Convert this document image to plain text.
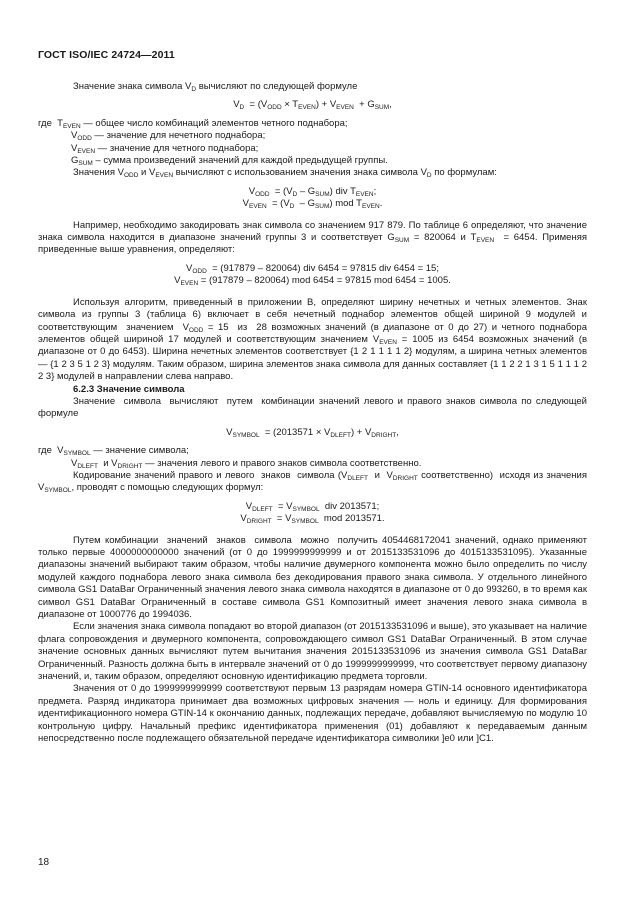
ГОСТ ISO/IEC 24724—2011

Значение знака символа $V_D$ вычисляют по следующей формуле

$V_D = (V_{ODD} \times T_{EVEN}) + V_{EVEN} + G_{SUM}$,

где  $T_{EVEN}$ — общее число комбинаций элементов четного поднабора;

$V_{ODD}$ — значение для нечетного поднабора;

$V_{EVEN}$ — значение для четного поднабора;

$G_{SUM}$ – сумма произведений значений для каждой предыдущей группы.

Значения $V_{ODD}$ и $V_{EVEN}$ вычисляют с использованием значения знака символа $V_D$ по формулам:

$V_{ODD} = (V_D - G_{SUM})$ div $T_{EVEN}$;

$V_{EVEN} = (V_D - G_{SUM})$ mod $T_{EVEN}$.

Например, необходимо закодировать знак символа со значением 917 879. По таблице 6 определяют, что значение знака символа находится в диапазоне значений группы 3 и соответствует $G_{SUM} = 820064$ и $T_{EVEN} = 6454$. Применяя приведенные выше уравнения, определяют:

$V_{ODD} = (917879 - 820064)$ div 6454 = 97815 div 6454 = 15;

$V_{EVEN} = (917879 - 820064)$ mod 6454 = 97815 mod 6454 = 1005.

Используя алгоритм, приведенный в приложении B, определяют ширину нечетных и четных элементов. Знак символа из группы 3 (таблица 6) включает в себя нечетный поднабор элементов общей шириной 9 модулей и соответствующим  значением  $V_{ODD} = 15$  из  28 возможных значений (в диапазоне от 0 до 27) и четного поднабора элементов общей шириной 17 модулей и соответствующим значением $V_{EVEN} = 1005$ из 6454 возможных значений (в диапазоне от 0 до 6453). Ширина нечетных элементов соответствует {1 2 1 1 1 1 2} модулям, а ширина четных элементов — {1 2 3 5 1 2 3} модулям. Таким образом, ширина элементов знака символа для данных составляет {1 1 2 2 1 3 1 5 1 1 1 2 2 3} модулей в направлении слева направо.

6.2.3 Значение символа

Значение  символа  вычисляют  путем  комбинации значений левого и правого знаков символа по следующей формуле

$V_{SYMBOL} = (2013571 \times V_{DLEFT}) + V_{DRIGHT}$,

где  $V_{SYMBOL}$ — значение символа;

$V_{DLEFT}$  и $V_{DRIGHT}$ — значения левого и правого знаков символа соответственно.

Кодирование значений правого и левого  знаков  символа ($V_{DLEFT}$  и  $V_{DRIGHT}$ соответственно)  исходя из значения $V_{SYMBOL}$, проводят с помощью следующих формул:

$V_{DLEFT} = V_{SYMBOL}$  div 2013571;

$V_{DRIGHT} = V_{SYMBOL}$  mod 2013571.

Путем комбинации  значений  знаков  символа  можно  получить 4054468172041 значений, однако применяют только первые 4000000000000 значений (от 0 до 1999999999999 и от 2015133531096 до 4015133531095). Указанные диапазоны значений выбирают таким образом, чтобы наличие двумерного компонента можно было определить по числу модулей каждого поднабора левого знака символа без декодирования правого знака символа. У отдельного линейного символа GS1 DataBar Ограниченный значения левого знака символа находятся в диапазоне от 0 до 993260, в то время как символ GS1 DataBar Ограниченный в составе символа GS1 Композитный имеет значения левого знака символа в диапазоне от 1000776 до 1994036.

Если значения знака символа попадают во второй диапазон (от 2015133531096 и выше), это указывает на наличие флага сопровождения и двумерного компонента, сопровождающего символ GS1 DataBar Ограниченный. В этом случае значение основных данных вычисляют путем вычитания значения 2015133531096 из значения символа GS1 DataBar Ограниченный. Разность должна быть в интервале значений от 0 до 1999999999999, что соответствует первому диапазону значений, и, таким образом, определяют основную идентификацию предмета торговли.

Значения от 0 до 1999999999999 соответствуют первым 13 разрядам номера GTIN-14 основного идентификатора предмета. Разряд индикатора принимает два возможных цифровых значения — ноль и единицу. Для формирования идентификационного номера GTIN-14 к окончанию данных, подлежащих передаче, добавляют вычисляемую по модулю 10 контрольную цифру. Начальный префикс идентификатора применения (01) добавляют к передаваемым данным непосредственно после подлежащего обязательной передаче идентификатора символики ]e0 или ]C1.

18
